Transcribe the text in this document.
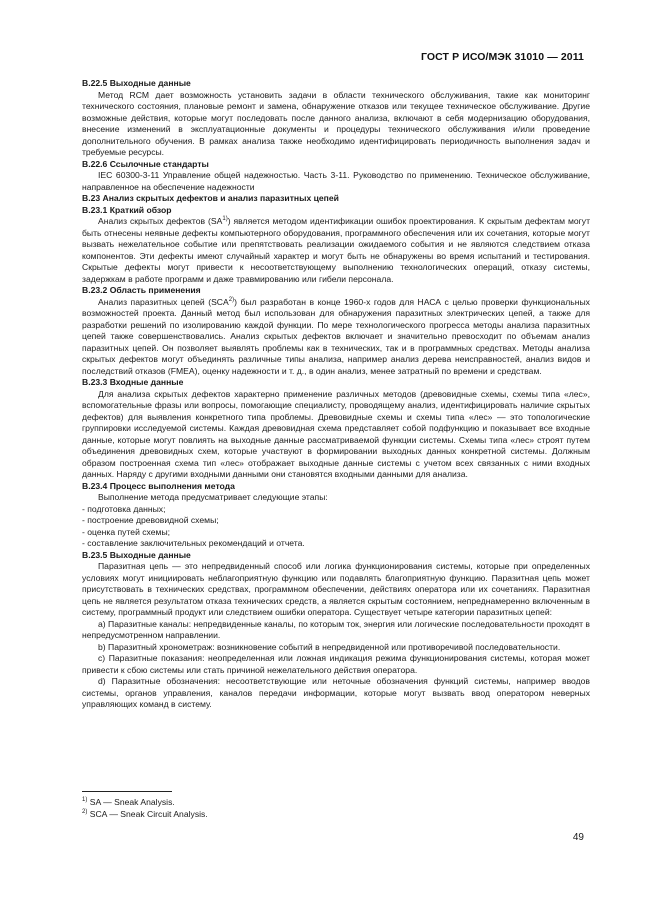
ГОСТ Р ИСО/МЭК 31010 — 2011

B.22.5 Выходные данные

Метод RCM дает возможность установить задачи в области технического обслуживания, такие как мониторинг технического состояния, плановые ремонт и замена, обнаружение отказов или текущее техническое обслуживание. Другие возможные действия, которые могут последовать после данного анализа, включают в себя модернизацию оборудования, внесение изменений в эксплуатационные документы и процедуры технического обслуживания и/или проведение дополнительного обучения. В рамках анализа также необходимо идентифицировать периодичность выполнения задач и требуемые ресурсы.

B.22.6 Ссылочные стандарты

IEC 60300-3-11 Управление общей надежностью. Часть 3-11. Руководство по применению. Техническое обслуживание, направленное на обеспечение надежности

B.23 Анализ скрытых дефектов и анализ паразитных цепей

B.23.1 Краткий обзор

Анализ скрытых дефектов (SA$^{1)}$) является методом идентификации ошибок проектирования. К скрытым дефектам могут быть отнесены неявные дефекты компьютерного оборудования, программного обеспечения или их сочетания, которые могут вызвать нежелательное событие или препятствовать реализации ожидаемого события и не являются следствием отказа компонентов. Эти дефекты имеют случайный характер и могут быть не обнаружены во время испытаний и тестирования. Скрытые дефекты могут привести к несоответствующему выполнению технологических операций, отказу системы, задержкам в работе программ и даже травмированию или гибели персонала.

B.23.2 Область применения

Анализ паразитных цепей (SCA$^{2)}$) был разработан в конце 1960-х годов для НАСА с целью проверки функциональных возможностей проекта. Данный метод был использован для обнаружения паразитных электрических цепей, а также для разработки решений по изолированию каждой функции. По мере технологического прогресса методы анализа паразитных цепей также совершенствовались. Анализ скрытых дефектов включает и значительно превосходит по объемам анализ паразитных цепей. Он позволяет выявлять проблемы как в технических, так и в программных средствах. Методы анализа скрытых дефектов могут объединять различные типы анализа, например анализ дерева неисправностей, анализ видов и последствий отказов (FMEA), оценку надежности и т. д., в один анализ, менее затратный по времени и средствам.

B.23.3 Входные данные

Для анализа скрытых дефектов характерно применение различных методов (древовидные схемы, схемы типа «лес», вспомогательные фразы или вопросы, помогающие специалисту, проводящему анализ, идентифицировать наличие скрытых дефектов) для выявления конкретного типа проблемы. Древовидные схемы и схемы типа «лес» — это топологические группировки исследуемой системы. Каждая древовидная схема представляет собой подфункцию и показывает все входные данные, которые могут повлиять на выходные данные рассматриваемой функции системы. Схемы типа «лес» строят путем объединения древовидных схем, которые участвуют в формировании выходных данных конкретной системы. Должным образом построенная схема тип «лес» отображает выходные данные системы с учетом всех связанных с ними входных данных. Наряду с другими входными данными они становятся входными данными для анализа.

B.23.4 Процесс выполнения метода

Выполнение метода предусматривает следующие этапы:

- подготовка данных;

- построение древовидной схемы;

- оценка путей схемы;

- составление заключительных рекомендаций и отчета.

B.23.5 Выходные данные

Паразитная цепь — это непредвиденный способ или логика функционирования системы, которые при определенных условиях могут инициировать неблагоприятную функцию или подавлять благоприятную функцию. Паразитная цепь может присутствовать в технических средствах, программном обеспечении, действиях оператора или их сочетаниях. Паразитная цепь не является результатом отказа технических средств, а является скрытым состоянием, непреднамеренно включенным в систему, программный продукт или следствием ошибки оператора. Существует четыре категории паразитных цепей:

a) Паразитные каналы: непредвиденные каналы, по которым ток, энергия или логические последовательности проходят в непредусмотренном направлении.

b) Паразитный хронометраж: возникновение событий в непредвиденной или противоречивой последовательности.

c) Паразитные показания: неопределенная или ложная индикация режима функционирования системы, которая может привести к сбою системы или стать причиной нежелательного действия оператора.

d) Паразитные обозначения: несоответствующие или неточные обозначения функций системы, например вводов системы, органов управления, каналов передачи информации, которые могут вызвать ввод оператором неверных управляющих команд в систему.

$^{1)}$ SA — Sneak Analysis.
$^{2)}$ SCA — Sneak Circuit Analysis.
49
